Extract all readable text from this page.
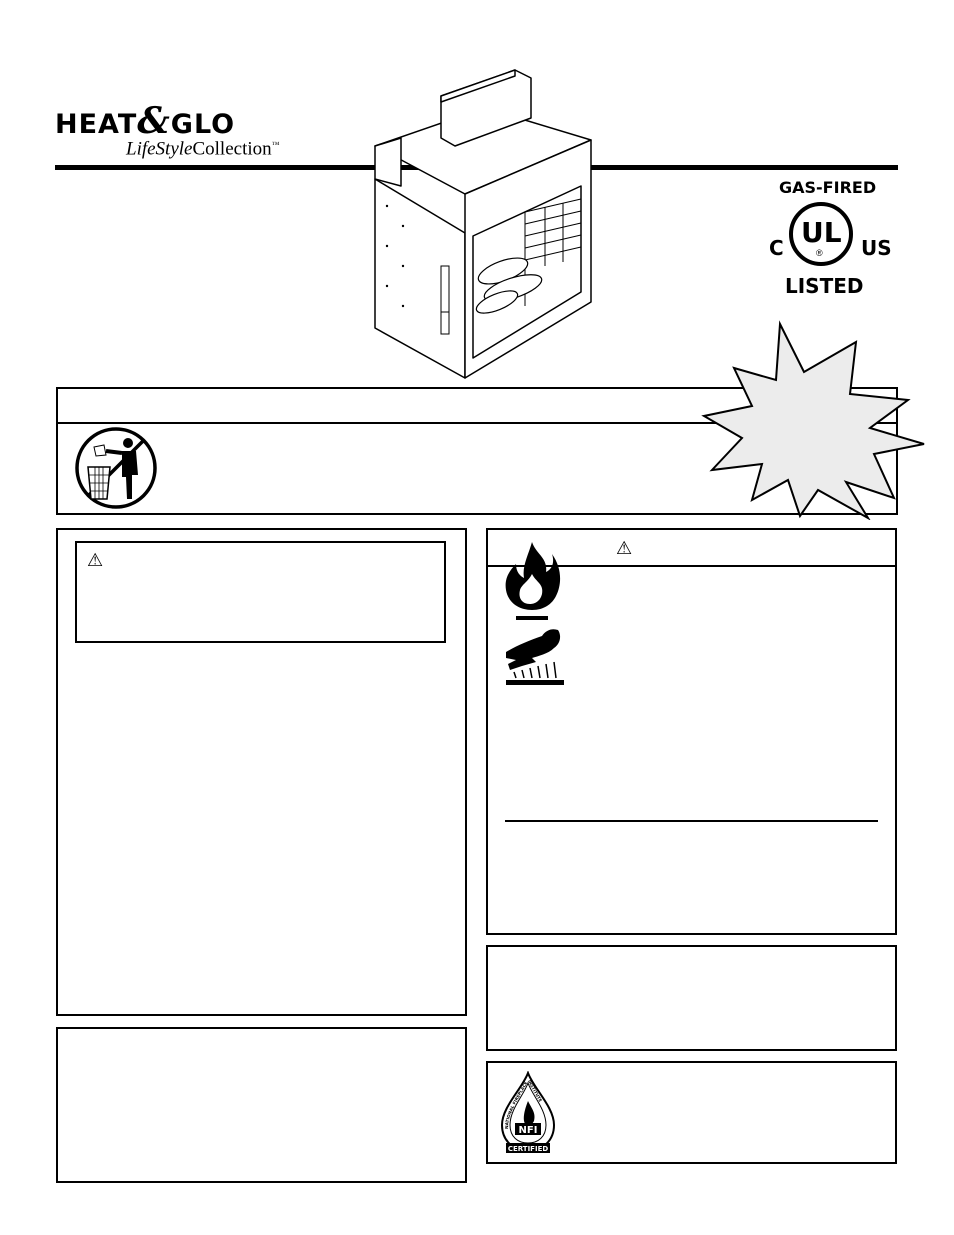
HEAT&GLO
LifeStyleCollection™
GAS-FIRED
UL
®
C	US
LISTED
⚠
⚠
NFI
CERTIFIED
NATIONAL FIREPLACE INSTITUTE
